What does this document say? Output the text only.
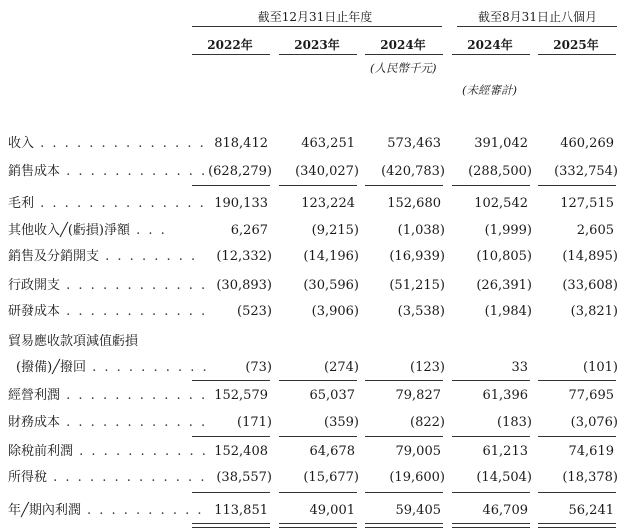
截至12月31日止年度	截至8月31日止八個月
2022年	2023年	2024年	2024年	2025年
(人民幣千元)
(未經審計)
收入 . . . . . . . . . . . . . . 818,412	463,251	573,463	391,042	460,269
銷售成本 . . . . . . . . . . . . (628,279)	(340,027)	(420,783)	(288,500)	(332,754)
毛利 . . . . . . . . . . . . . . 190,133	123,224	152,680	102,542	127,515
其他收入╱(虧損)淨額 . . .	6,267	(9,215)	(1,038)	(1,999)	2,605
銷售及分銷開支 . . . . . . . .	(12,332)	(14,196)	(16,939)	(10,805)	(14,895)
行政開支 . . . . . . . . . . . . (30,893)	(30,596)	(51,215)	(26,391)	(33,608)
研發成本 . . . . . . . . . . . .	(523)	(3,906)	(3,538)	(1,984)	(3,821)
貿易應收款項減值虧損
(撥備)╱撥回 . . . . . . . . . .	(73)	(274)	(123)	33	(101)
經營利潤 . . . . . . . . . . . . 152,579	65,037	79,827	61,396	77,695
財務成本 . . . . . . . . . . . .	(171)	(359)	(822)	(183)	(3,076)
除稅前利潤 . . . . . . . . . . . 152,408	64,678	79,005	61,213	74,619
所得稅 . . . . . . . . . . . . . (38,557)	(15,677)	(19,600)	(14,504)	(18,378)
年╱期內利潤 . . . . . . . . . . 113,851	49,001	59,405	46,709	56,241
